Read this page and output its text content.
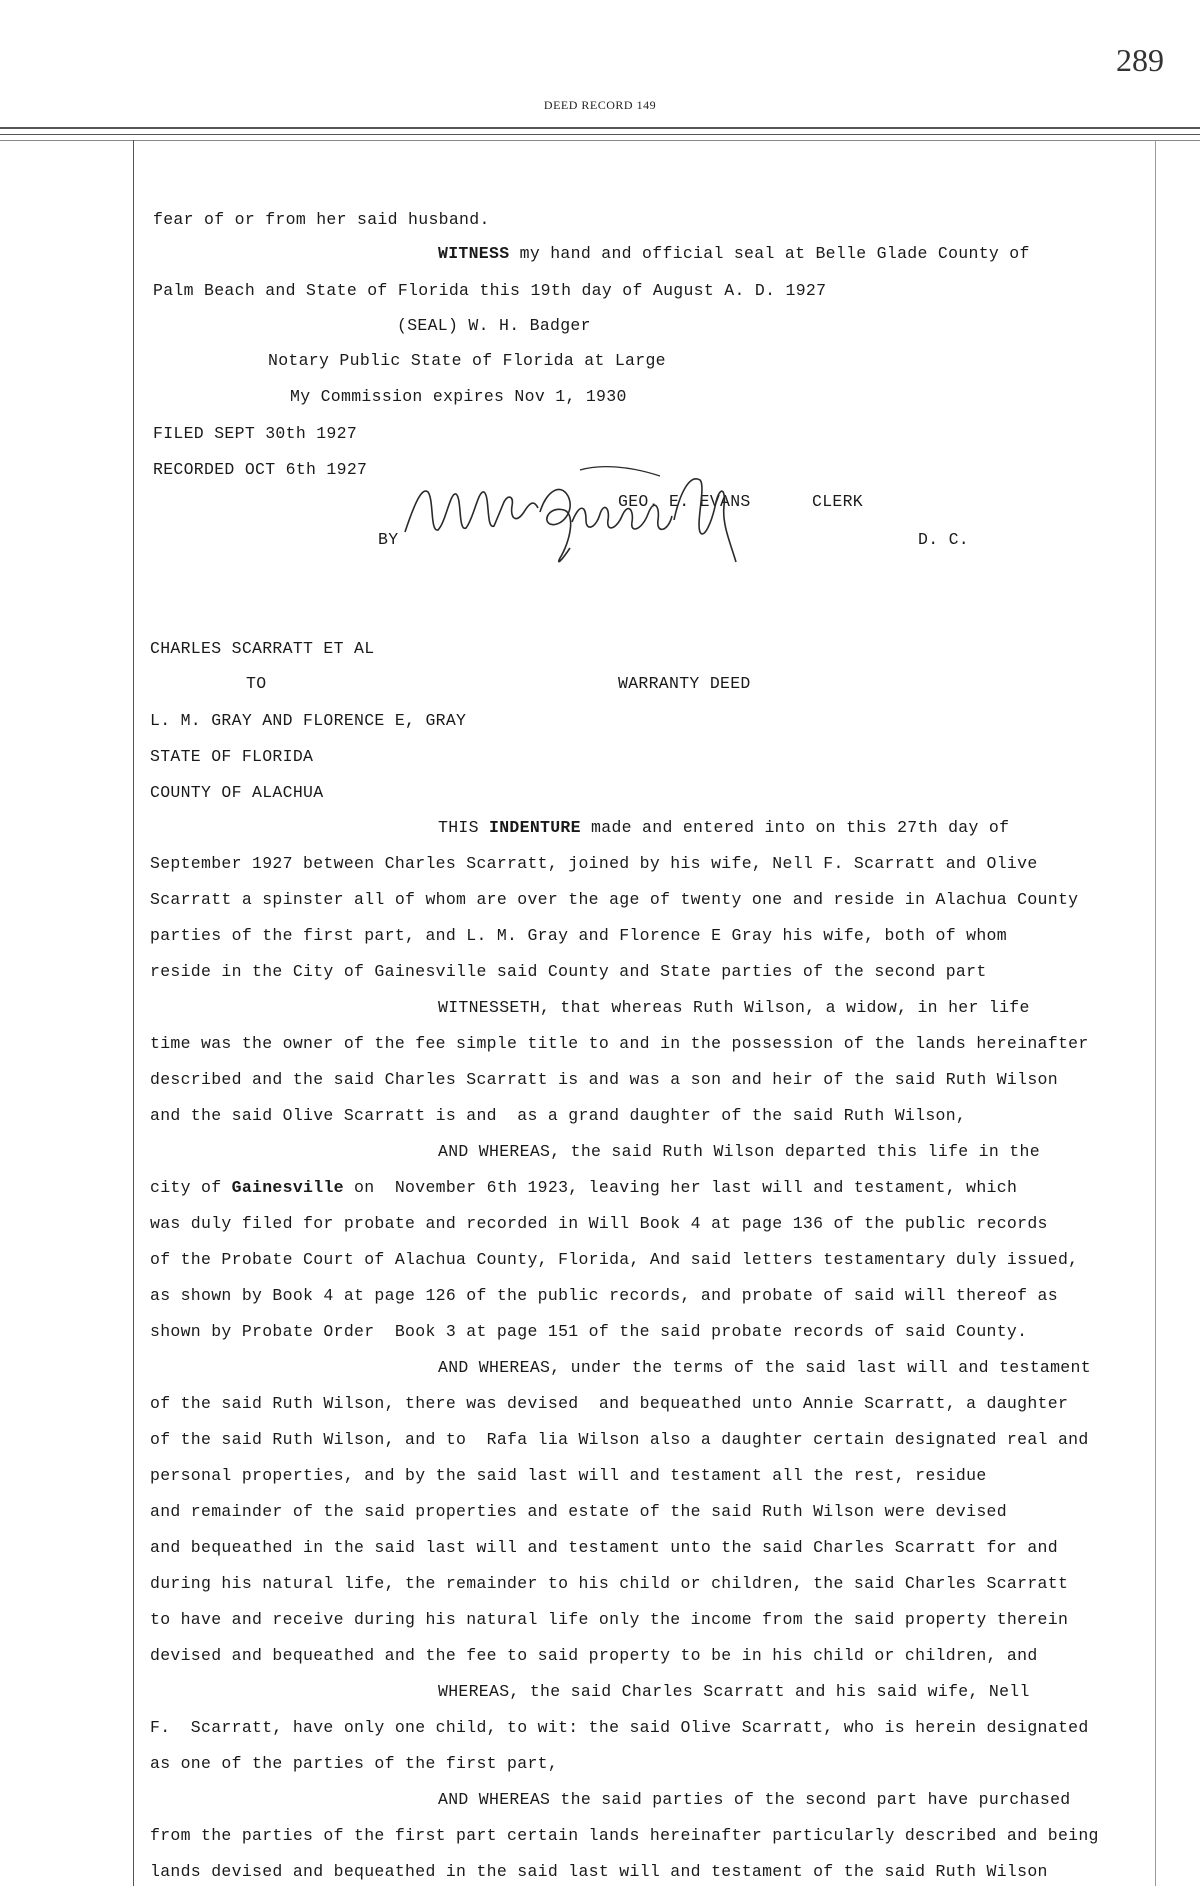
289
DEED RECORD 149
fear of or from her said husband.
WITNESS my hand and official seal at Belle Glade County of
Palm Beach and State of Florida this 19th day of August A. D. 1927
(SEAL) W. H. Badger
Notary Public State of Florida at Large
My Commission expires Nov 1, 1930
FILED SEPT 30th 1927
RECORDED OCT 6th 1927
GEO. E. EVANS	CLERK
BY	D. C.
CHARLES SCARRATT ET AL
TO	WARRANTY DEED
L. M. GRAY AND FLORENCE E, GRAY
STATE OF FLORIDA
COUNTY OF ALACHUA
THIS INDENTURE made and entered into on this 27th day of
September 1927 between Charles Scarratt, joined by his wife, Nell F. Scarratt and Olive
Scarratt a spinster all of whom are over the age of twenty one and reside in Alachua County
parties of the first part, and L. M. Gray and Florence E Gray his wife, both of whom
reside in the City of Gainesville said County and State parties of the second part
WITNESSETH, that whereas Ruth Wilson, a widow, in her life
time was the owner of the fee simple title to and in the possession of the lands hereinafter
described and the said Charles Scarratt is and was a son and heir of the said Ruth Wilson
and the said Olive Scarratt is and  as a grand daughter of the said Ruth Wilson,
AND WHEREAS, the said Ruth Wilson departed this life in the
city of Gainesville on  November 6th 1923, leaving her last will and testament, which
was duly filed for probate and recorded in Will Book 4 at page 136 of the public records
of the Probate Court of Alachua County, Florida, And said letters testamentary duly issued,
as shown by Book 4 at page 126 of the public records, and probate of said will thereof as
shown by Probate Order  Book 3 at page 151 of the said probate records of said County.
AND WHEREAS, under the terms of the said last will and testament
of the said Ruth Wilson, there was devised  and bequeathed unto Annie Scarratt, a daughter
of the said Ruth Wilson, and to  Rafa lia Wilson also a daughter certain designated real and
personal properties, and by the said last will and testament all the rest, residue
and remainder of the said properties and estate of the said Ruth Wilson were devised
and bequeathed in the said last will and testament unto the said Charles Scarratt for and
during his natural life, the remainder to his child or children, the said Charles Scarratt
to have and receive during his natural life only the income from the said property therein
devised and bequeathed and the fee to said property to be in his child or children, and
WHEREAS, the said Charles Scarratt and his said wife, Nell
F.  Scarratt, have only one child, to wit: the said Olive Scarratt, who is herein designated
as one of the parties of the first part,
AND WHEREAS the said parties of the second part have purchased
from the parties of the first part certain lands hereinafter particularly described and being
lands devised and bequeathed in the said last will and testament of the said Ruth Wilson
